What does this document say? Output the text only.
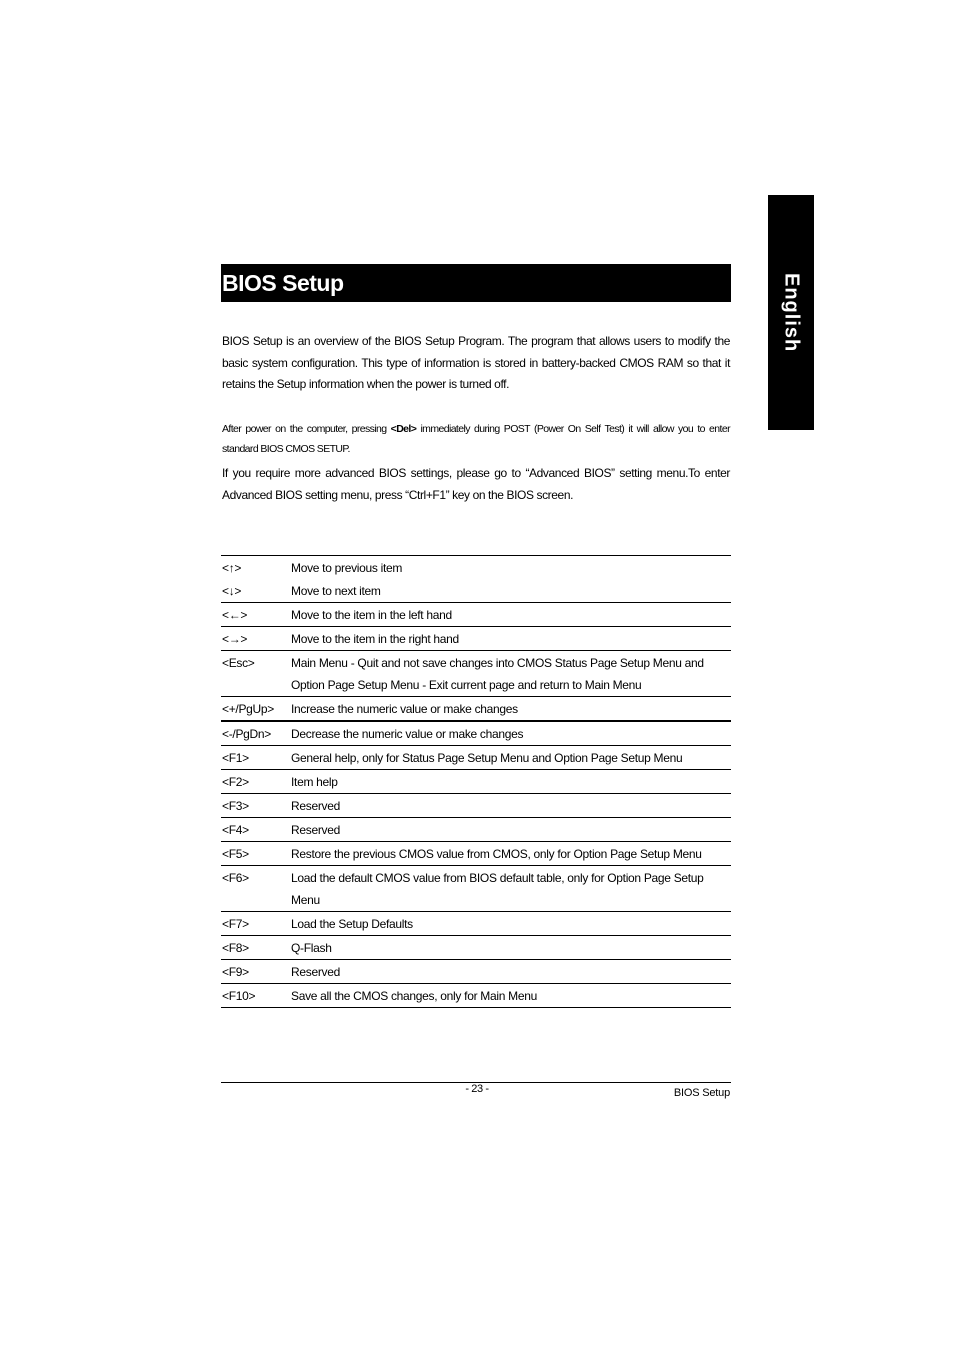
English
BIOS Setup

BIOS Setup is an overview of the BIOS Setup Program. The program that allows users to modify the basic system configuration. This type of information is stored in battery-backed CMOS RAM so that it retains the Setup information when the power is turned off.

After power on the computer, pressing <Del> immediately during POST (Power On Self Test) it will allow you to enter standard BIOS CMOS SETUP.

If you require more advanced BIOS settings, please go to “Advanced BIOS” setting menu.To enter Advanced BIOS setting menu, press “Ctrl+F1” key on the BIOS screen.

<↑>	Move to previous item
<↓>	Move to next item
<←>	Move to the item in the left hand
<→>	Move to the item in the right hand
<Esc>	Main Menu - Quit and not save changes into CMOS Status Page Setup Menu and Option Page Setup Menu - Exit current page and return to Main Menu
<+/PgUp>	Increase the numeric value or make changes
<-/PgDn>	Decrease the numeric value or make changes
<F1>	General help, only for Status Page Setup Menu and Option Page Setup Menu
<F2>	Item help
<F3>	Reserved
<F4>	Reserved
<F5>	Restore the previous CMOS value from CMOS, only for Option Page Setup Menu
<F6>	Load the default CMOS value from BIOS default table, only for Option Page Setup Menu
<F7>	Load the Setup Defaults
<F8>	Q-Flash
<F9>	Reserved
<F10>	Save all the CMOS changes, only for Main Menu
- 23 -	BIOS Setup
